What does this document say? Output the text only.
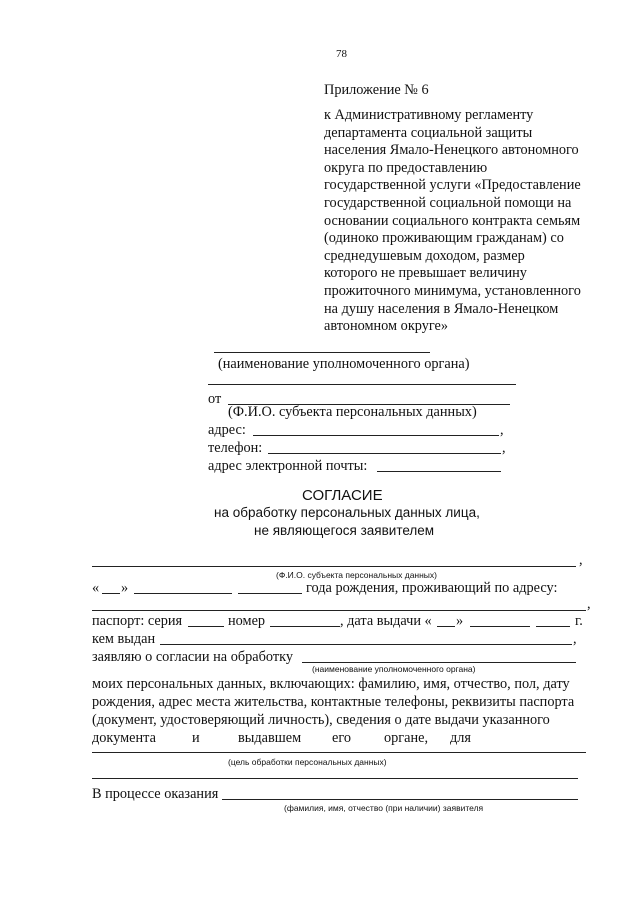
78
Приложение № 6
к Административному регламенту
департамента социальной защиты
населения Ямало-Ненецкого автономного
округа по предоставлению
государственной услуги «Предоставление
государственной социальной помощи на
основании социального контракта семьям
(одиноко проживающим гражданам) со
среднедушевым доходом, размер
которого не превышает величину
прожиточного минимума, установленного
на душу населения в Ямало-Ненецком
автономном округе»
(наименование уполномоченного органа)
от
(Ф.И.О. субъекта персональных данных)
адрес:	,
телефон:	,
адрес электронной почты:
СОГЛАСИЕ
на обработку персональных данных лица,
не являющегося заявителем
,
(Ф.И.О. субъекта персональных данных)
« »	года рождения, проживающий по адресу:
,
паспорт: серия	номер	, дата выдачи « »	г.
кем выдан	,
заявляю о согласии на обработку
(наименование уполномоченного органа)
моих персональных данных, включающих: фамилию, имя, отчество, пол, дату
рождения, адрес места жительства, контактные телефоны, реквизиты паспорта
(документ, удостоверяющий личность), сведения о дате выдачи указанного
документа	и	выдавшем его органе, для
(цель обработки персональных данных)
В процессе оказания
(фамилия, имя, отчество (при наличии) заявителя
